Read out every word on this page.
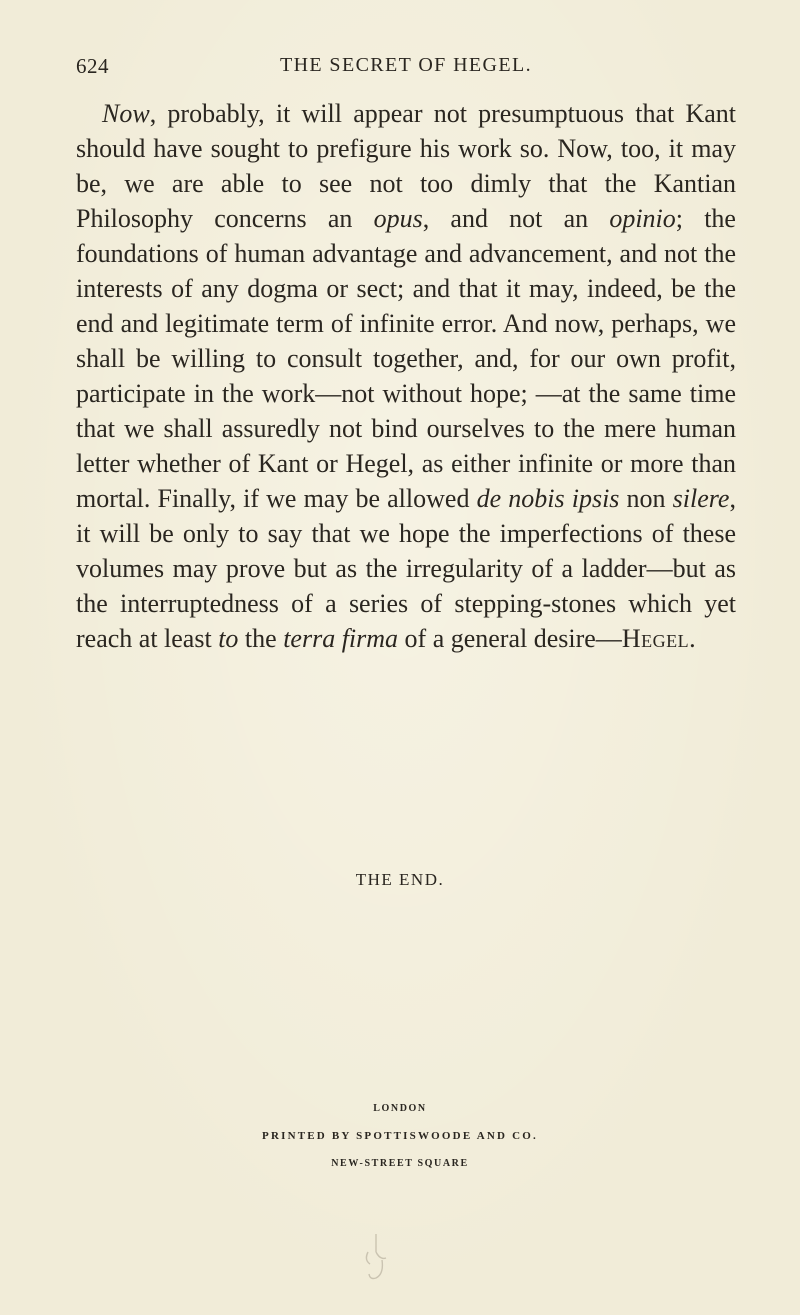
624	THE SECRET OF HEGEL.

Now, probably, it will appear not presumptuous that Kant should have sought to prefigure his work so. Now, too, it may be, we are able to see not too dimly that the Kantian Philosophy concerns an opus, and not an opinio; the foundations of human advantage and advancement, and not the interests of any dogma or sect; and that it may, indeed, be the end and legitimate term of infinite error. And now, perhaps, we shall be willing to consult together, and, for our own profit, participate in the work—not without hope; —at the same time that we shall assuredly not bind ourselves to the mere human letter whether of Kant or Hegel, as either infinite or more than mortal. Finally, if we may be allowed de nobis ipsis non silere, it will be only to say that we hope the imperfections of these volumes may prove but as the irregularity of a ladder—but as the interruptedness of a series of stepping-stones which yet reach at least to the terra firma of a general desire—Hegel.

THE END.
LONDON
PRINTED BY SPOTTISWOODE AND CO.
NEW-STREET SQUARE
